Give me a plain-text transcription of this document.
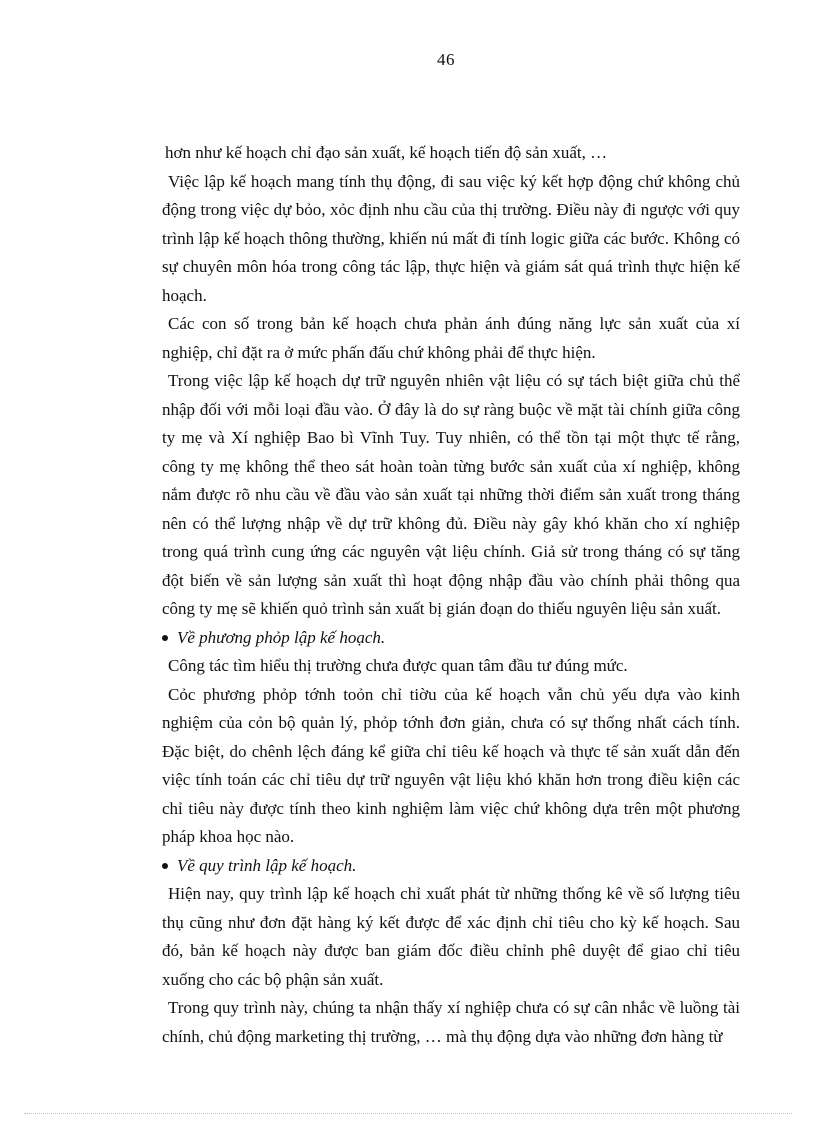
46

hơn như kế hoạch chỉ đạo sản xuất, kế hoạch tiến độ sản xuất, …

Việc lập kế hoạch mang tính thụ động, đi sau việc ký kết hợp động chứ không chủ động trong việc dự bỏo, xỏc định nhu cầu của thị trường. Điều này đi ngược với quy trình lập kế hoạch thông thường, khiến nú mất đi tính logic giữa các bước. Không có sự chuyên môn hóa trong công tác lập, thực hiện và giám sát quá trình thực hiện kế hoạch.

Các con số trong bản kế hoạch chưa phản ánh đúng năng lực sản xuất của xí nghiệp, chỉ đặt ra ở mức phấn đấu chứ không phải để thực hiện.

Trong việc lập kế hoạch dự trữ nguyên nhiên vật liệu có sự tách biệt giữa chủ thể nhập đối với mỗi loại đầu vào. Ở đây là do sự ràng buộc về mặt tài chính giữa công ty mẹ và Xí nghiệp Bao bì Vĩnh Tuy. Tuy nhiên, có thể tồn tại một thực tế rằng, công ty mẹ không thể theo sát hoàn toàn từng bước sản xuất của xí nghiệp, không nắm được rõ nhu cầu về đầu vào sản xuất tại những thời điểm sản xuất trong tháng nên có thể lượng nhập về dự trữ không đủ. Điều này gây khó khăn cho xí nghiệp trong quá trình cung ứng các nguyên vật liệu chính. Giả sử trong tháng có sự tăng đột biến về sản lượng sản xuất thì hoạt động nhập đầu vào chính phải thông qua công ty mẹ sẽ khiến quỏ trình sản xuất bị gián đoạn do thiếu nguyên liệu sản xuất.

Về phương phỏp lập kế hoạch.

Công tác tìm hiểu thị trường chưa được quan tâm đầu tư đúng mức.

Cỏc phương phỏp tớnh toỏn chỉ tiờu của kế hoạch vẫn chủ yếu dựa vào kinh nghiệm của cỏn bộ quản lý, phỏp tớnh đơn giản, chưa có sự thống nhất cách tính. Đặc biệt, do chênh lệch đáng kể giữa chỉ tiêu kế hoạch và thực tế sản xuất dẫn đến việc tính toán các chỉ tiêu dự trữ nguyên vật liệu khó khăn hơn trong điều kiện các chỉ tiêu này được tính theo kinh nghiệm làm việc chứ không dựa trên một phương pháp khoa học nào.

Về quy trình lập kế hoạch.

Hiện nay, quy trình lập kế hoạch chỉ xuất phát từ những thống kê về số lượng tiêu thụ cũng như đơn đặt hàng ký kết được để xác định chỉ tiêu cho kỳ kế hoạch. Sau đó, bản kế hoạch này được ban giám đốc điều chỉnh phê duyệt để giao chỉ tiêu xuống cho các bộ phận sản xuất.

Trong quy trình này, chúng ta nhận thấy xí nghiệp chưa có sự cân nhắc về luồng tài chính, chủ động marketing thị trường, … mà thụ động dựa vào những đơn hàng từ
